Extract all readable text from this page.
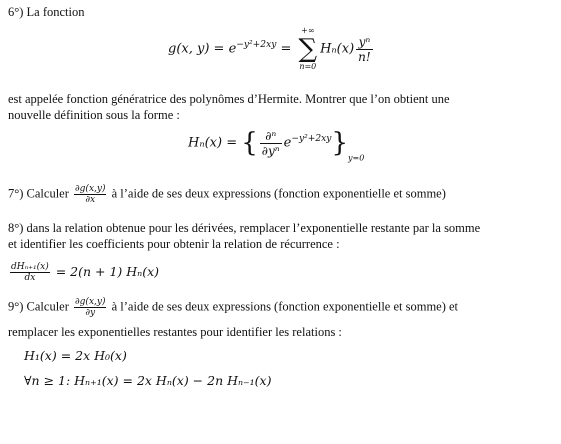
6°) La fonction
g(x, $y) = e^{-y^2+2xy}$ =
+∞
∑
n=0
$H_n(x) \frac{\text{yⁿ}}{n!}$
est appelée fonction génératrice des polynômes d’Hermite. Montrer que l’on obtient une
nouvelle définition sous la forme :
Hₙ(x) = { $\frac{\text{∂ⁿ}}{\text{∂yⁿ}} e^{-y^2+2xy}\}_{y=0}$
7°) Calculer $\frac{\partial g(x,y)}{\partial x}$ à l’aide de ses deux expressions (fonction exponentielle et somme)
8°) dans la relation obtenue pour les dérivées, remplacer l’exponentielle restante par la somme
et identifier les coefficients pour obtenir la relation de récurrence :
$\frac{\text{dHₙ₊₁(x)}}{dx} = 2(n + 1)$ Hₙ(x)
9°) Calculer $\frac{\partial g(x,y)}{\partial y}$ à l’aide de ses deux expressions (fonction exponentielle et somme) et
remplacer les exponentielles restantes pour identifier les relations :
H₁(x) = 2x H₀(x)
∀n ≥ 1: Hₙ₊₁(x) = 2x Hₙ(x) − 2n Hₙ₋₁(x)
